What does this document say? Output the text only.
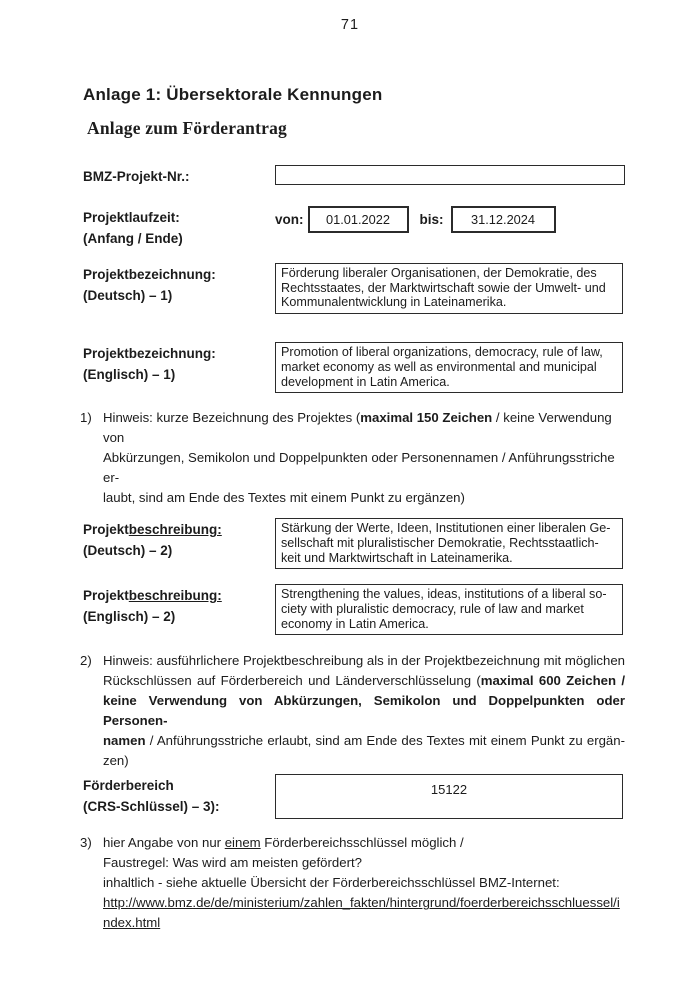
71
Anlage 1: Übersektorale Kennungen
Anlage zum Förderantrag
BMZ-Projekt-Nr.:
Projektlaufzeit:
(Anfang / Ende)
von: 01.01.2022 bis: 31.12.2024
Projektbezeichnung:
(Deutsch) – 1)
Förderung liberaler Organisationen, der Demokratie, des
Rechtsstaates, der Marktwirtschaft sowie der Umwelt- und
Kommunalentwicklung in Lateinamerika.
Projektbezeichnung:
(Englisch) – 1)
Promotion of liberal organizations, democracy, rule of law,
market economy as well as environmental and municipal
development in Latin America.
1) Hinweis: kurze Bezeichnung des Projektes (maximal 150 Zeichen / keine Verwendung von
Abkürzungen, Semikolon und Doppelpunkten oder Personennamen / Anführungsstriche er-
laubt, sind am Ende des Textes mit einem Punkt zu ergänzen)
Projektbeschreibung:
(Deutsch) – 2)
Stärkung der Werte, Ideen, Institutionen einer liberalen Ge-
sellschaft mit pluralistischer Demokratie, Rechtsstaatlich-
keit und Marktwirtschaft in Lateinamerika.
Projektbeschreibung:
(Englisch) – 2)
Strengthening the values, ideas, institutions of a liberal so-
ciety with pluralistic democracy, rule of law and market
economy in Latin America.
2) Hinweis: ausführlichere Projektbeschreibung als in der Projektbezeichnung mit möglichen
Rückschlüssen auf Förderbereich und Länderverschlüsselung (maximal 600 Zeichen /
keine Verwendung von Abkürzungen, Semikolon und Doppelpunkten oder Personen-
namen / Anführungsstriche erlaubt, sind am Ende des Textes mit einem Punkt zu ergän-
zen)
Förderbereich
(CRS-Schlüssel) – 3):
15122
3) hier Angabe von nur einem Förderbereichsschlüssel möglich /
Faustregel: Was wird am meisten gefördert?
inhaltlich - siehe aktuelle Übersicht der Förderbereichsschlüssel BMZ-Internet:
http://www.bmz.de/de/ministerium/zahlen_fakten/hintergrund/foerderbereichsschluessel/index.html
